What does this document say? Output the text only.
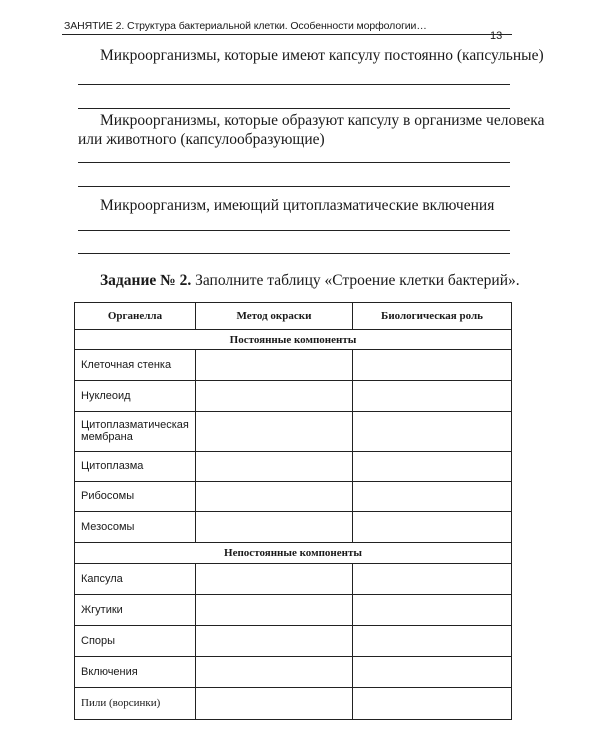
ЗАНЯТИЕ 2. Структура бактериальной клетки. Особенности морфологии…
13
Микроорганизмы, которые имеют капсулу постоянно (капсульные)
Микроорганизмы, которые образуют капсулу в организме человека
или животного (капсулообразующие)
Микроорганизм, имеющий цитоплазматические включения
Задание № 2. Заполните таблицу «Строение клетки бактерий».
Органелла	Метод окраски	Биологическая роль
Постоянные компоненты		
Клеточная стенка		
Нуклеоид		
Цитоплазматическая мембрана		
Цитоплазма		
Рибосомы		
Мезосомы		
Непостоянные компоненты		
Капсула		
Жгутики		
Споры		
Включения		
Пили (ворсинки)		
